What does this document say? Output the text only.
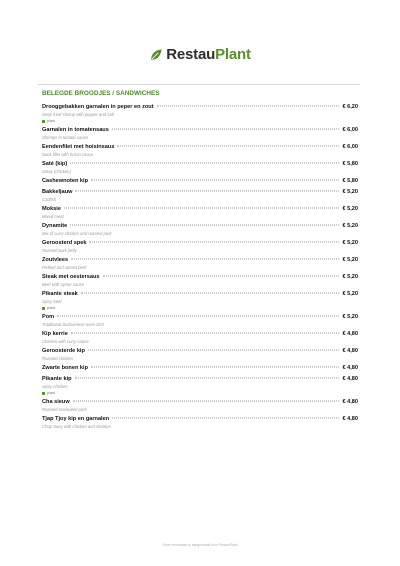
RestauPlant
BELEGDE BROODJES / SANDWICHES
Drooggebakken garnalen in peper en zout	€ 6,20
Deep fried shrimp with pepper and salt
plant
Garnalen in tomatensaus	€ 6,00
Shrimps in tomato sauce
Eendenfilet met hoisinsaus	€ 6,00
Duck fillet with hoisin sauce
Saté (kip)	€ 5,80
Satay (chicken)
Cashewnoten kip	€ 5,80
Bakkeljauw	€ 5,20
Codfish
Moksie	€ 5,20
Mixed meat
Dynamite	€ 5,20
Mix of curry chicken and roasted pork
Geroosterd spek	€ 5,20
Roasted pork belly
Zoutvlees	€ 5,20
Pickled and spiced beef
Steak met oestersaus	€ 5,20
Beef with oyster sauce
Pikante steak	€ 5,20
Spicy beef
plant
Pom	€ 5,20
Traditional Surinamese oven dish
Kip kerrie	€ 4,80
Chicken with curry sauce
Geroosterde kip	€ 4,80
Roasted chicken
Zwarte bonen kip	€ 4,80
Pikante kip	€ 4,80
Spicy chicken
plant
Cha sieuw	€ 4,80
Roasted marinated pork
Tjap Tjoy kip en garnalen	€ 4,80
Chop Suey with chicken and shrimps
Deze menukaart is aangemaakt door RestauPlant
